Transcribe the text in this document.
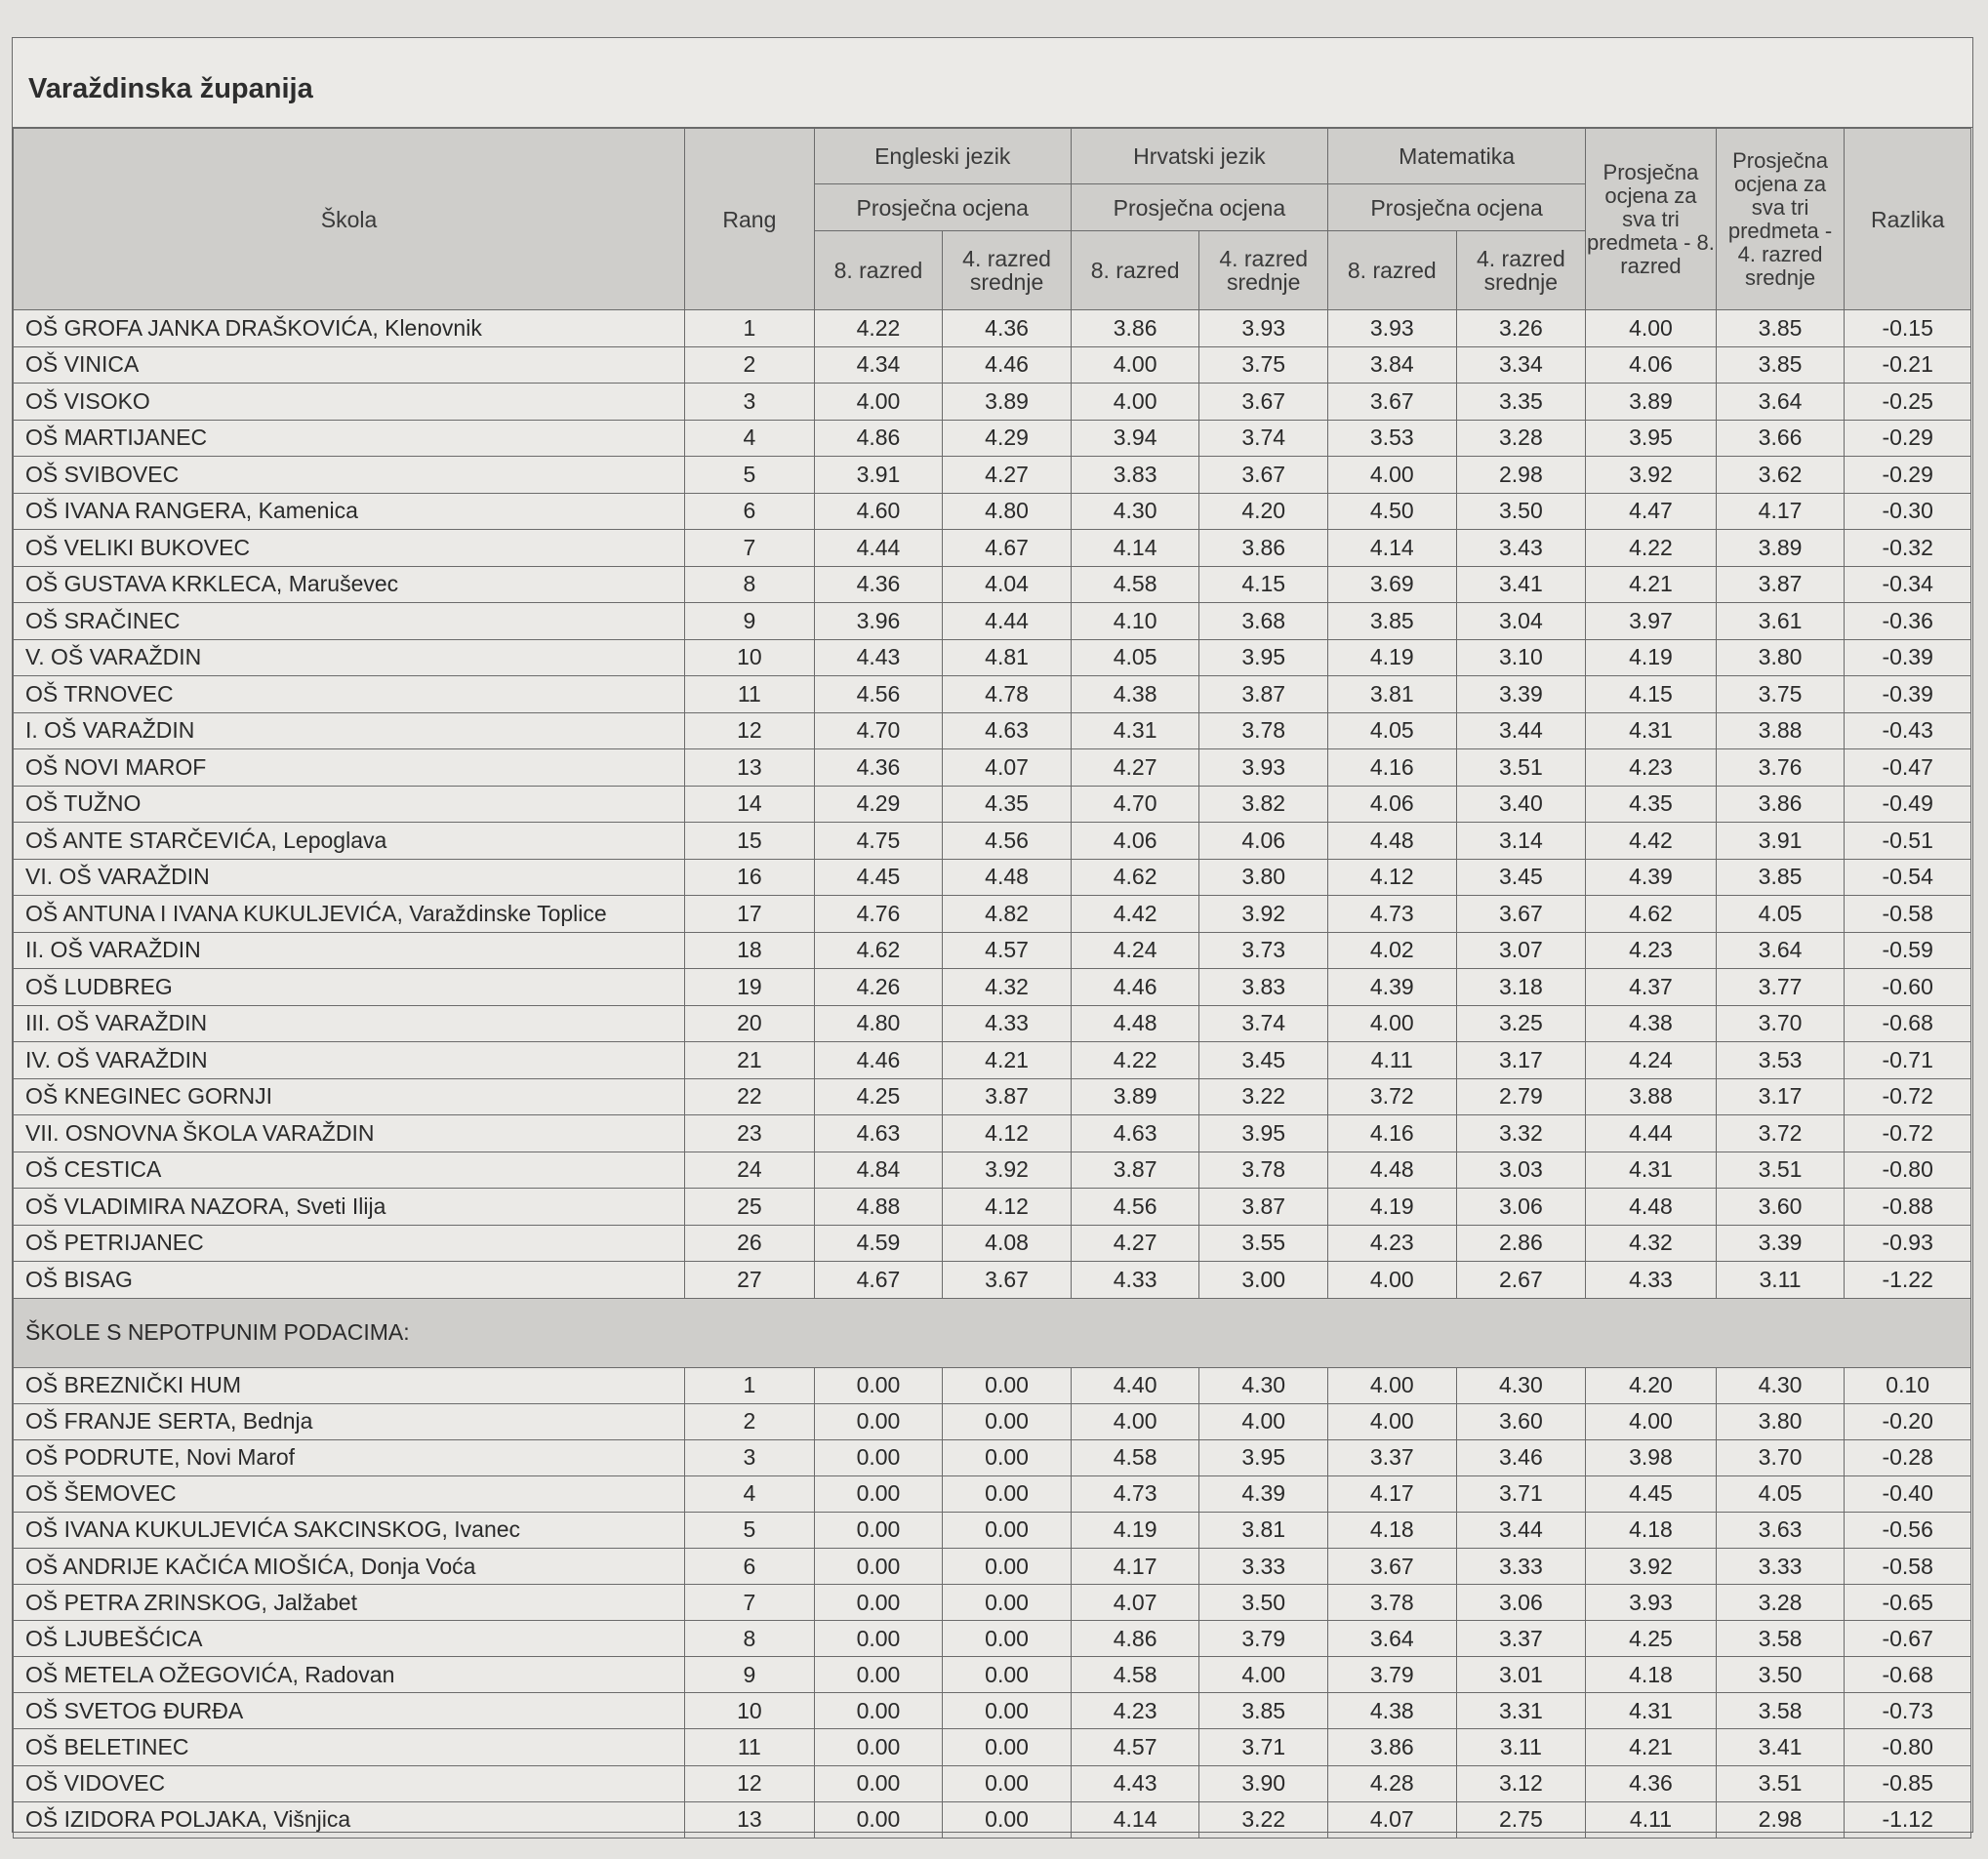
Varaždinska županija
Škola	Rang	Engleski jezik		Hrvatski jezik		Matematika		Prosječna ocjena za sva tri predmeta - 8. razred	Prosječna ocjena za sva tri predmeta - 4. razred srednje	Razlika
		Prosječna ocjena		Prosječna ocjena		Prosječna ocjena				
		8. razred	4. razred srednje	8. razred	4. razred srednje	8. razred	4. razred srednje			
OŠ GROFA JANKA DRAŠKOVIĆA, Klenovnik	1	4.22	4.36	3.86	3.93	3.93	3.26	4.00	3.85	-0.15
OŠ VINICA	2	4.34	4.46	4.00	3.75	3.84	3.34	4.06	3.85	-0.21
OŠ VISOKO	3	4.00	3.89	4.00	3.67	3.67	3.35	3.89	3.64	-0.25
OŠ MARTIJANEC	4	4.86	4.29	3.94	3.74	3.53	3.28	3.95	3.66	-0.29
OŠ SVIBOVEC	5	3.91	4.27	3.83	3.67	4.00	2.98	3.92	3.62	-0.29
OŠ IVANA RANGERA, Kamenica	6	4.60	4.80	4.30	4.20	4.50	3.50	4.47	4.17	-0.30
OŠ VELIKI BUKOVEC	7	4.44	4.67	4.14	3.86	4.14	3.43	4.22	3.89	-0.32
OŠ GUSTAVA KRKLECA, Maruševec	8	4.36	4.04	4.58	4.15	3.69	3.41	4.21	3.87	-0.34
OŠ SRAČINEC	9	3.96	4.44	4.10	3.68	3.85	3.04	3.97	3.61	-0.36
V. OŠ VARAŽDIN	10	4.43	4.81	4.05	3.95	4.19	3.10	4.19	3.80	-0.39
OŠ TRNOVEC	11	4.56	4.78	4.38	3.87	3.81	3.39	4.15	3.75	-0.39
I. OŠ VARAŽDIN	12	4.70	4.63	4.31	3.78	4.05	3.44	4.31	3.88	-0.43
OŠ NOVI MAROF	13	4.36	4.07	4.27	3.93	4.16	3.51	4.23	3.76	-0.47
OŠ TUŽNO	14	4.29	4.35	4.70	3.82	4.06	3.40	4.35	3.86	-0.49
OŠ ANTE STARČEVIĆA, Lepoglava	15	4.75	4.56	4.06	4.06	4.48	3.14	4.42	3.91	-0.51
VI. OŠ VARAŽDIN	16	4.45	4.48	4.62	3.80	4.12	3.45	4.39	3.85	-0.54
OŠ ANTUNA I IVANA KUKULJEVIĆA, Varaždinske Toplice	17	4.76	4.82	4.42	3.92	4.73	3.67	4.62	4.05	-0.58
II. OŠ VARAŽDIN	18	4.62	4.57	4.24	3.73	4.02	3.07	4.23	3.64	-0.59
OŠ LUDBREG	19	4.26	4.32	4.46	3.83	4.39	3.18	4.37	3.77	-0.60
III. OŠ VARAŽDIN	20	4.80	4.33	4.48	3.74	4.00	3.25	4.38	3.70	-0.68
IV. OŠ VARAŽDIN	21	4.46	4.21	4.22	3.45	4.11	3.17	4.24	3.53	-0.71
OŠ KNEGINEC GORNJI	22	4.25	3.87	3.89	3.22	3.72	2.79	3.88	3.17	-0.72
VII. OSNOVNA ŠKOLA VARAŽDIN	23	4.63	4.12	4.63	3.95	4.16	3.32	4.44	3.72	-0.72
OŠ CESTICA	24	4.84	3.92	3.87	3.78	4.48	3.03	4.31	3.51	-0.80
OŠ VLADIMIRA NAZORA, Sveti Ilija	25	4.88	4.12	4.56	3.87	4.19	3.06	4.48	3.60	-0.88
OŠ PETRIJANEC	26	4.59	4.08	4.27	3.55	4.23	2.86	4.32	3.39	-0.93
OŠ BISAG	27	4.67	3.67	4.33	3.00	4.00	2.67	4.33	3.11	-1.22
ŠKOLE S NEPOTPUNIM PODACIMA:										
OŠ BREZNIČKI HUM	1	0.00	0.00	4.40	4.30	4.00	4.30	4.20	4.30	0.10
OŠ FRANJE SERTA, Bednja	2	0.00	0.00	4.00	4.00	4.00	3.60	4.00	3.80	-0.20
OŠ PODRUTE, Novi Marof	3	0.00	0.00	4.58	3.95	3.37	3.46	3.98	3.70	-0.28
OŠ ŠEMOVEC	4	0.00	0.00	4.73	4.39	4.17	3.71	4.45	4.05	-0.40
OŠ IVANA KUKULJEVIĆA SAKCINSKOG, Ivanec	5	0.00	0.00	4.19	3.81	4.18	3.44	4.18	3.63	-0.56
OŠ ANDRIJE KAČIĆA MIOŠIĆA, Donja Voća	6	0.00	0.00	4.17	3.33	3.67	3.33	3.92	3.33	-0.58
OŠ PETRA ZRINSKOG, Jalžabet	7	0.00	0.00	4.07	3.50	3.78	3.06	3.93	3.28	-0.65
OŠ LJUBEŠĆICA	8	0.00	0.00	4.86	3.79	3.64	3.37	4.25	3.58	-0.67
OŠ METELA OŽEGOVIĆA, Radovan	9	0.00	0.00	4.58	4.00	3.79	3.01	4.18	3.50	-0.68
OŠ SVETOG ĐURĐA	10	0.00	0.00	4.23	3.85	4.38	3.31	4.31	3.58	-0.73
OŠ BELETINEC	11	0.00	0.00	4.57	3.71	3.86	3.11	4.21	3.41	-0.80
OŠ VIDOVEC	12	0.00	0.00	4.43	3.90	4.28	3.12	4.36	3.51	-0.85
OŠ IZIDORA POLJAKA, Višnjica	13	0.00	0.00	4.14	3.22	4.07	2.75	4.11	2.98	-1.12
